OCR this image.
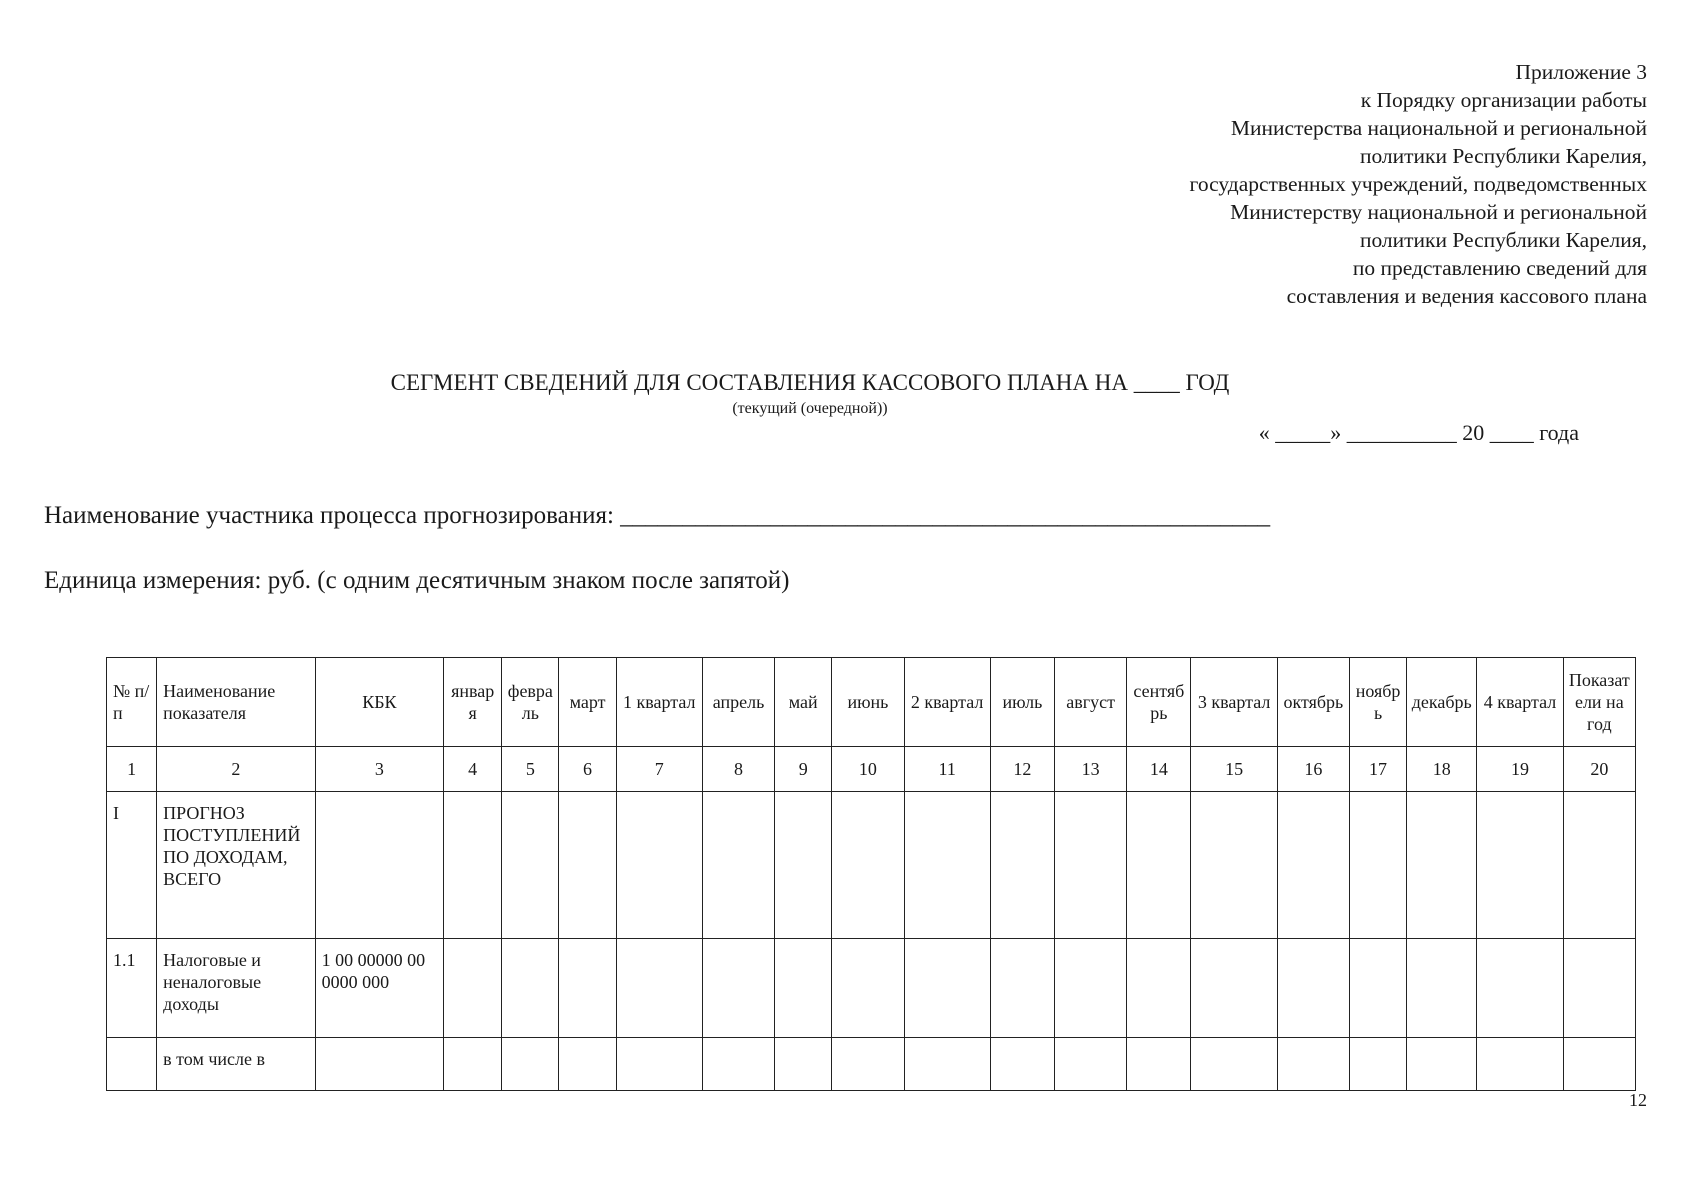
Приложение 3
к Порядку организации работы
Министерства национальной и региональной
политики Республики Карелия,
государственных учреждений, подведомственных
Министерству национальной и региональной
политики Республики Карелия,
по представлению сведений для
составления и ведения кассового плана
СЕГМЕНТ СВЕДЕНИЙ ДЛЯ СОСТАВЛЕНИЯ КАССОВОГО ПЛАНА НА ____ ГОД
(текущий (очередной))
« _____» __________ 20 ____ года
Наименование участника процесса прогнозирования: ____________________________________________________
Единица измерения: руб. (с одним десятичным знаком после запятой)
№ п/п	Наименование показателя	КБК	января	февраль	март	1 квартал	апрель	май	июнь	2 квартал	июль	август	сентябрь	3 квартал	октябрь	ноябрь	декабрь	4 квартал	Показатели на год
1	2	3	4	5	6	7	8	9	10	11	12	13	14	15	16	17	18	19	20
I	ПРОГНОЗ ПОСТУПЛЕНИЙ ПО ДОХОДАМ, ВСЕГО																		
1.1	Налоговые и неналоговые доходы	1 00 00000 00 0000 000																	
	в том числе в																		
12
